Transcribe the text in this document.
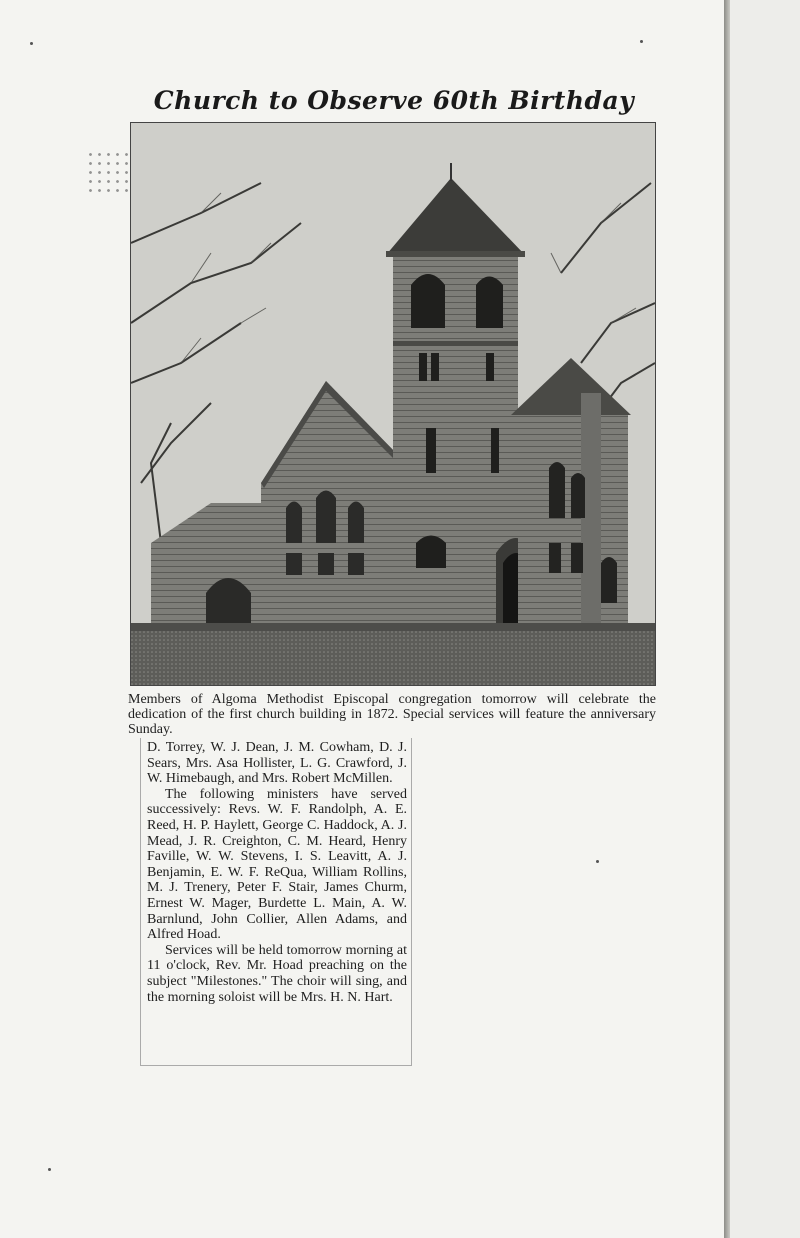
Church to Observe 60th Birthday
Members of Algoma Methodist Episcopal congregation tomorrow will celebrate the dedication of the first church building in 1872. Special services will feature the anniversary Sunday.

D. Torrey, W. J. Dean, J. M. Cowham, D. J. Sears, Mrs. Asa Hollister, L. G. Crawford, J. W. Himebaugh, and Mrs. Robert McMillen.

The following ministers have served successively: Revs. W. F. Randolph, A. E. Reed, H. P. Haylett, George C. Haddock, A. J. Mead, J. R. Creighton, C. M. Heard, Henry Faville, W. W. Stevens, I. S. Leavitt, A. J. Benjamin, E. W. F. ReQua, William Rollins, M. J. Trenery, Peter F. Stair, James Churm, Ernest W. Mager, Burdette L. Main, A. W. Barnlund, John Collier, Allen Adams, and Alfred Hoad.

Services will be held tomorrow morning at 11 o'clock, Rev. Mr. Hoad preaching on the subject "Milestones." The choir will sing, and the morning soloist will be Mrs. H. N. Hart.
